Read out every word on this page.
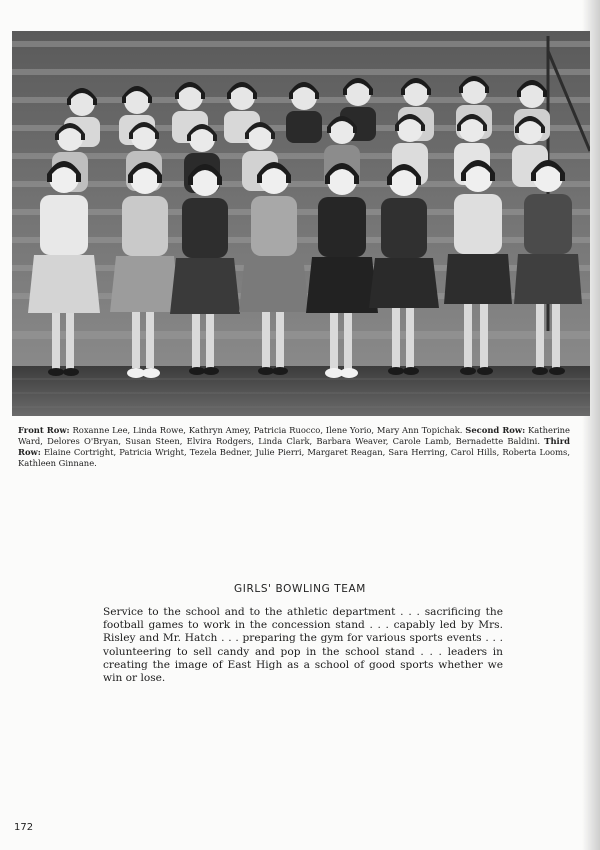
Front Row: Roxanne Lee, Linda Rowe, Kathryn Amey, Patricia Ruocco, Ilene Yorio, Mary Ann Topichak. Second Row: Katherine Ward, Delores O'Bryan, Susan Steen, Elvira Rodgers, Linda Clark, Barbara Weaver, Carole Lamb, Bernadette Baldini. Third Row: Elaine Cortright, Patricia Wright, Tezela Bedner, Julie Pierri, Margaret Reagan, Sara Herring, Carol Hills, Roberta Looms, Kathleen Ginnane.
GIRLS' BOWLING TEAM
Service to the school and to the athletic department . . . sacrificing the football games to work in the concession stand . . . capably led by Mrs. Risley and Mr. Hatch . . . preparing the gym for various sports events . . . volunteering to sell candy and pop in the school stand . . . leaders in creating the image of East High as a school of good sports whether we win or lose.
172
